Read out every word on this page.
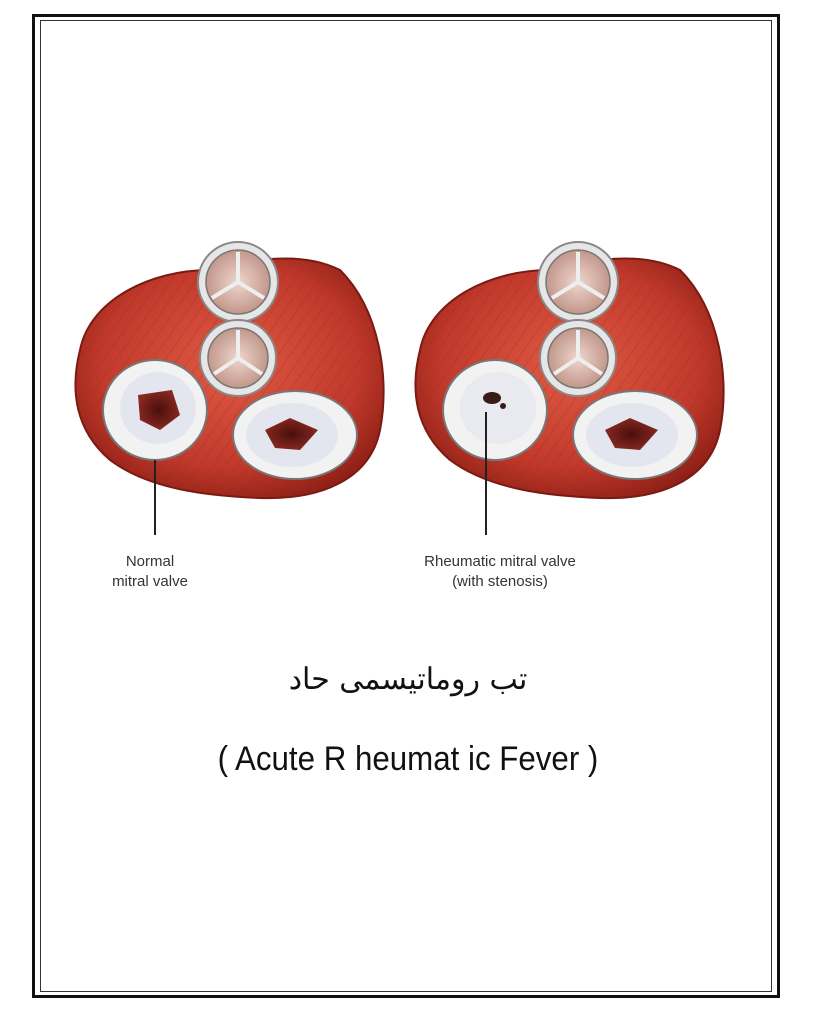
Normal
mitral valve
Rheumatic mitral valve
(with stenosis)
تب روماتیسمی حاد
( Acute R heumat ic Fever )
